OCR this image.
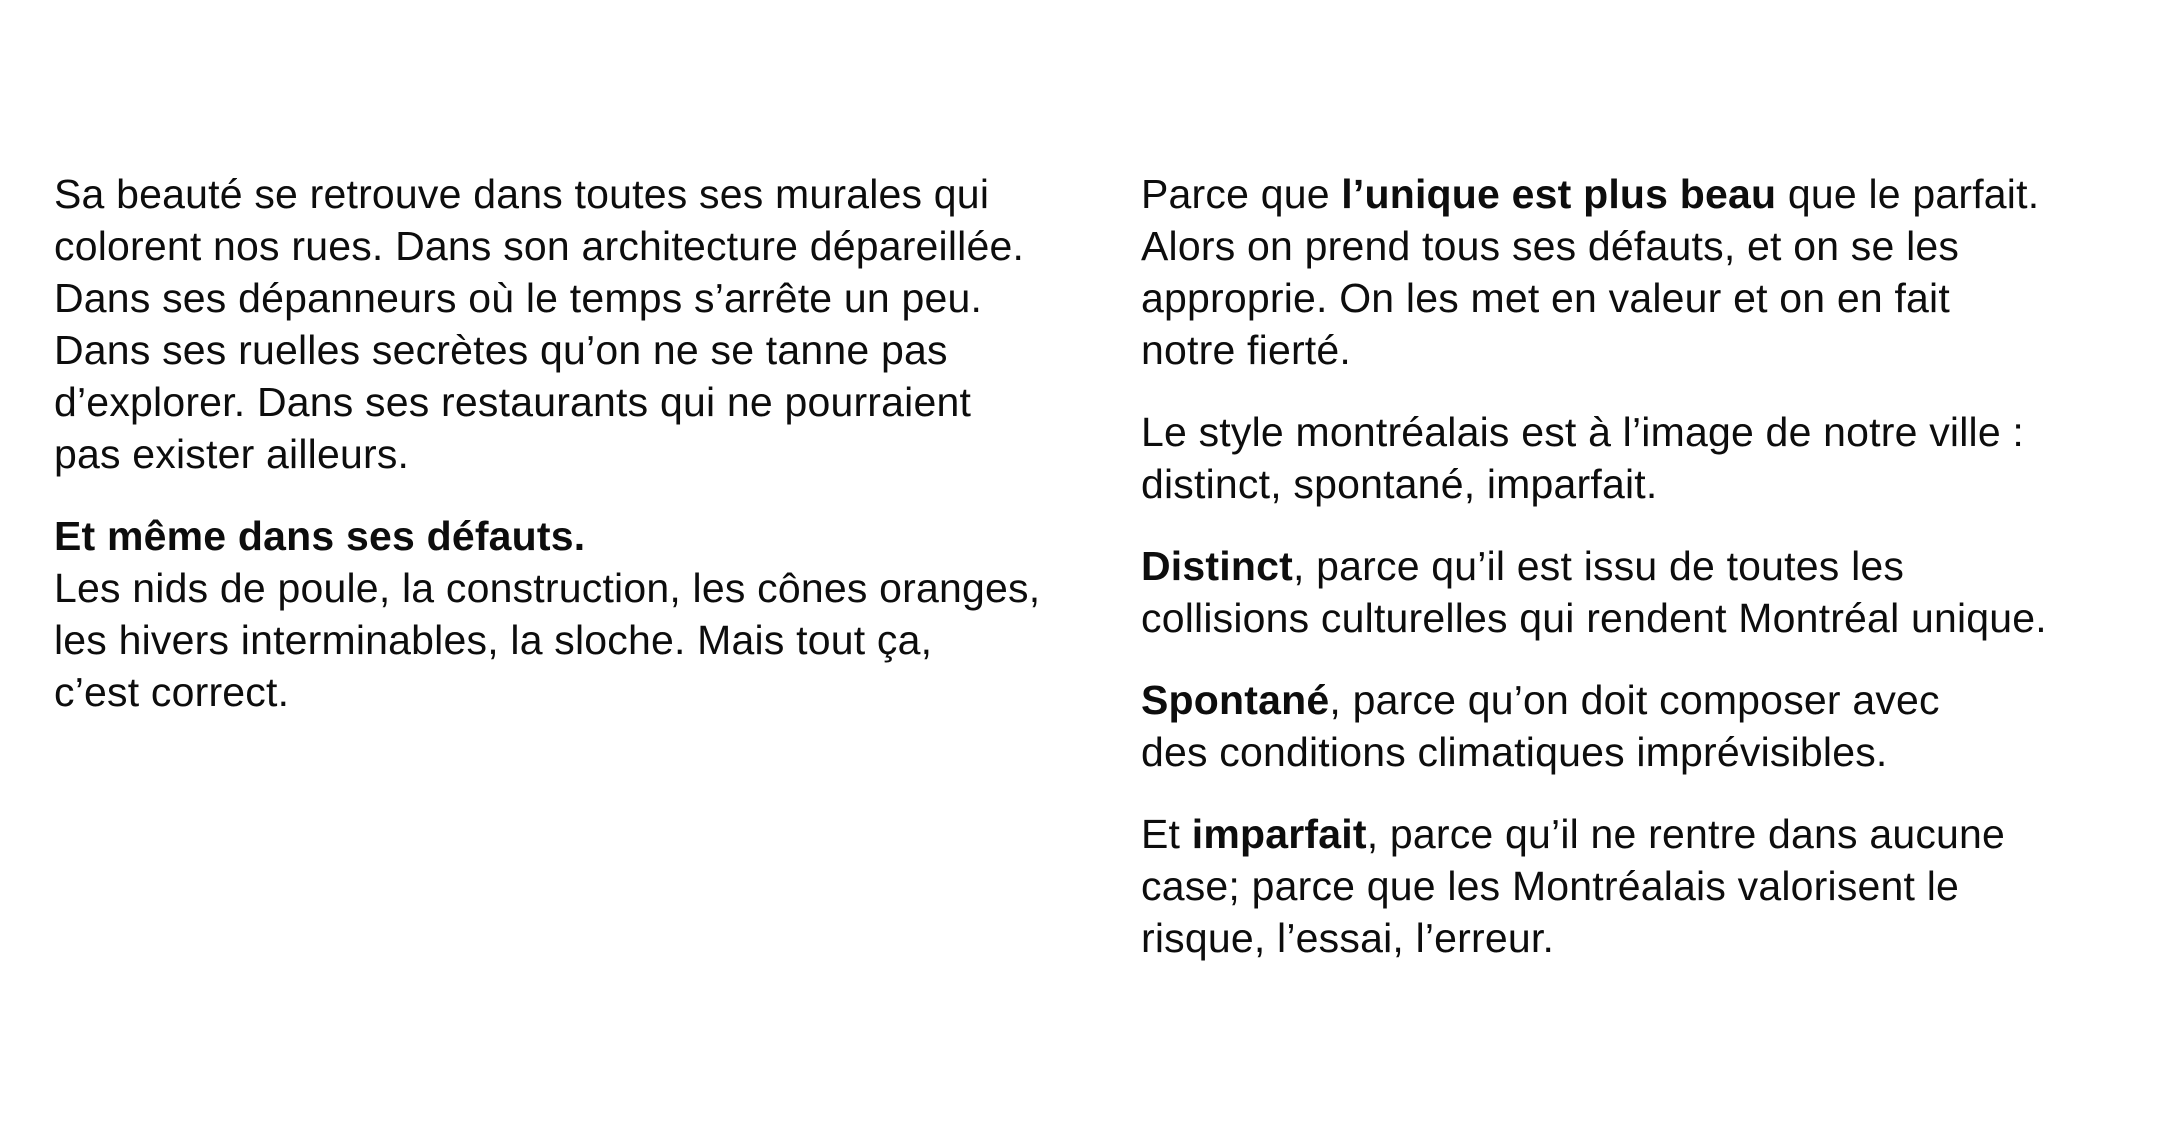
Sa beauté se retrouve dans toutes ses murales qui
colorent nos rues. Dans son architecture dépareillée.
Dans ses dépanneurs où le temps s’arrête un peu.
Dans ses ruelles secrètes qu’on ne se tanne pas
d’explorer. Dans ses restaurants qui ne pourraient
pas exister ailleurs.

Et même dans ses défauts.
Les nids de poule, la construction, les cônes oranges,
les hivers interminables, la sloche. Mais tout ça,
c’est correct.

Parce que l’unique est plus beau que le parfait.
Alors on prend tous ses défauts, et on se les
approprie. On les met en valeur et on en fait
notre fierté.

Le style montréalais est à l’image de notre ville :
distinct, spontané, imparfait.

Distinct, parce qu’il est issu de toutes les
collisions culturelles qui rendent Montréal unique.

Spontané, parce qu’on doit composer avec
des conditions climatiques imprévisibles.

Et imparfait, parce qu’il ne rentre dans aucune
case; parce que les Montréalais valorisent le
risque, l’essai, l’erreur.
